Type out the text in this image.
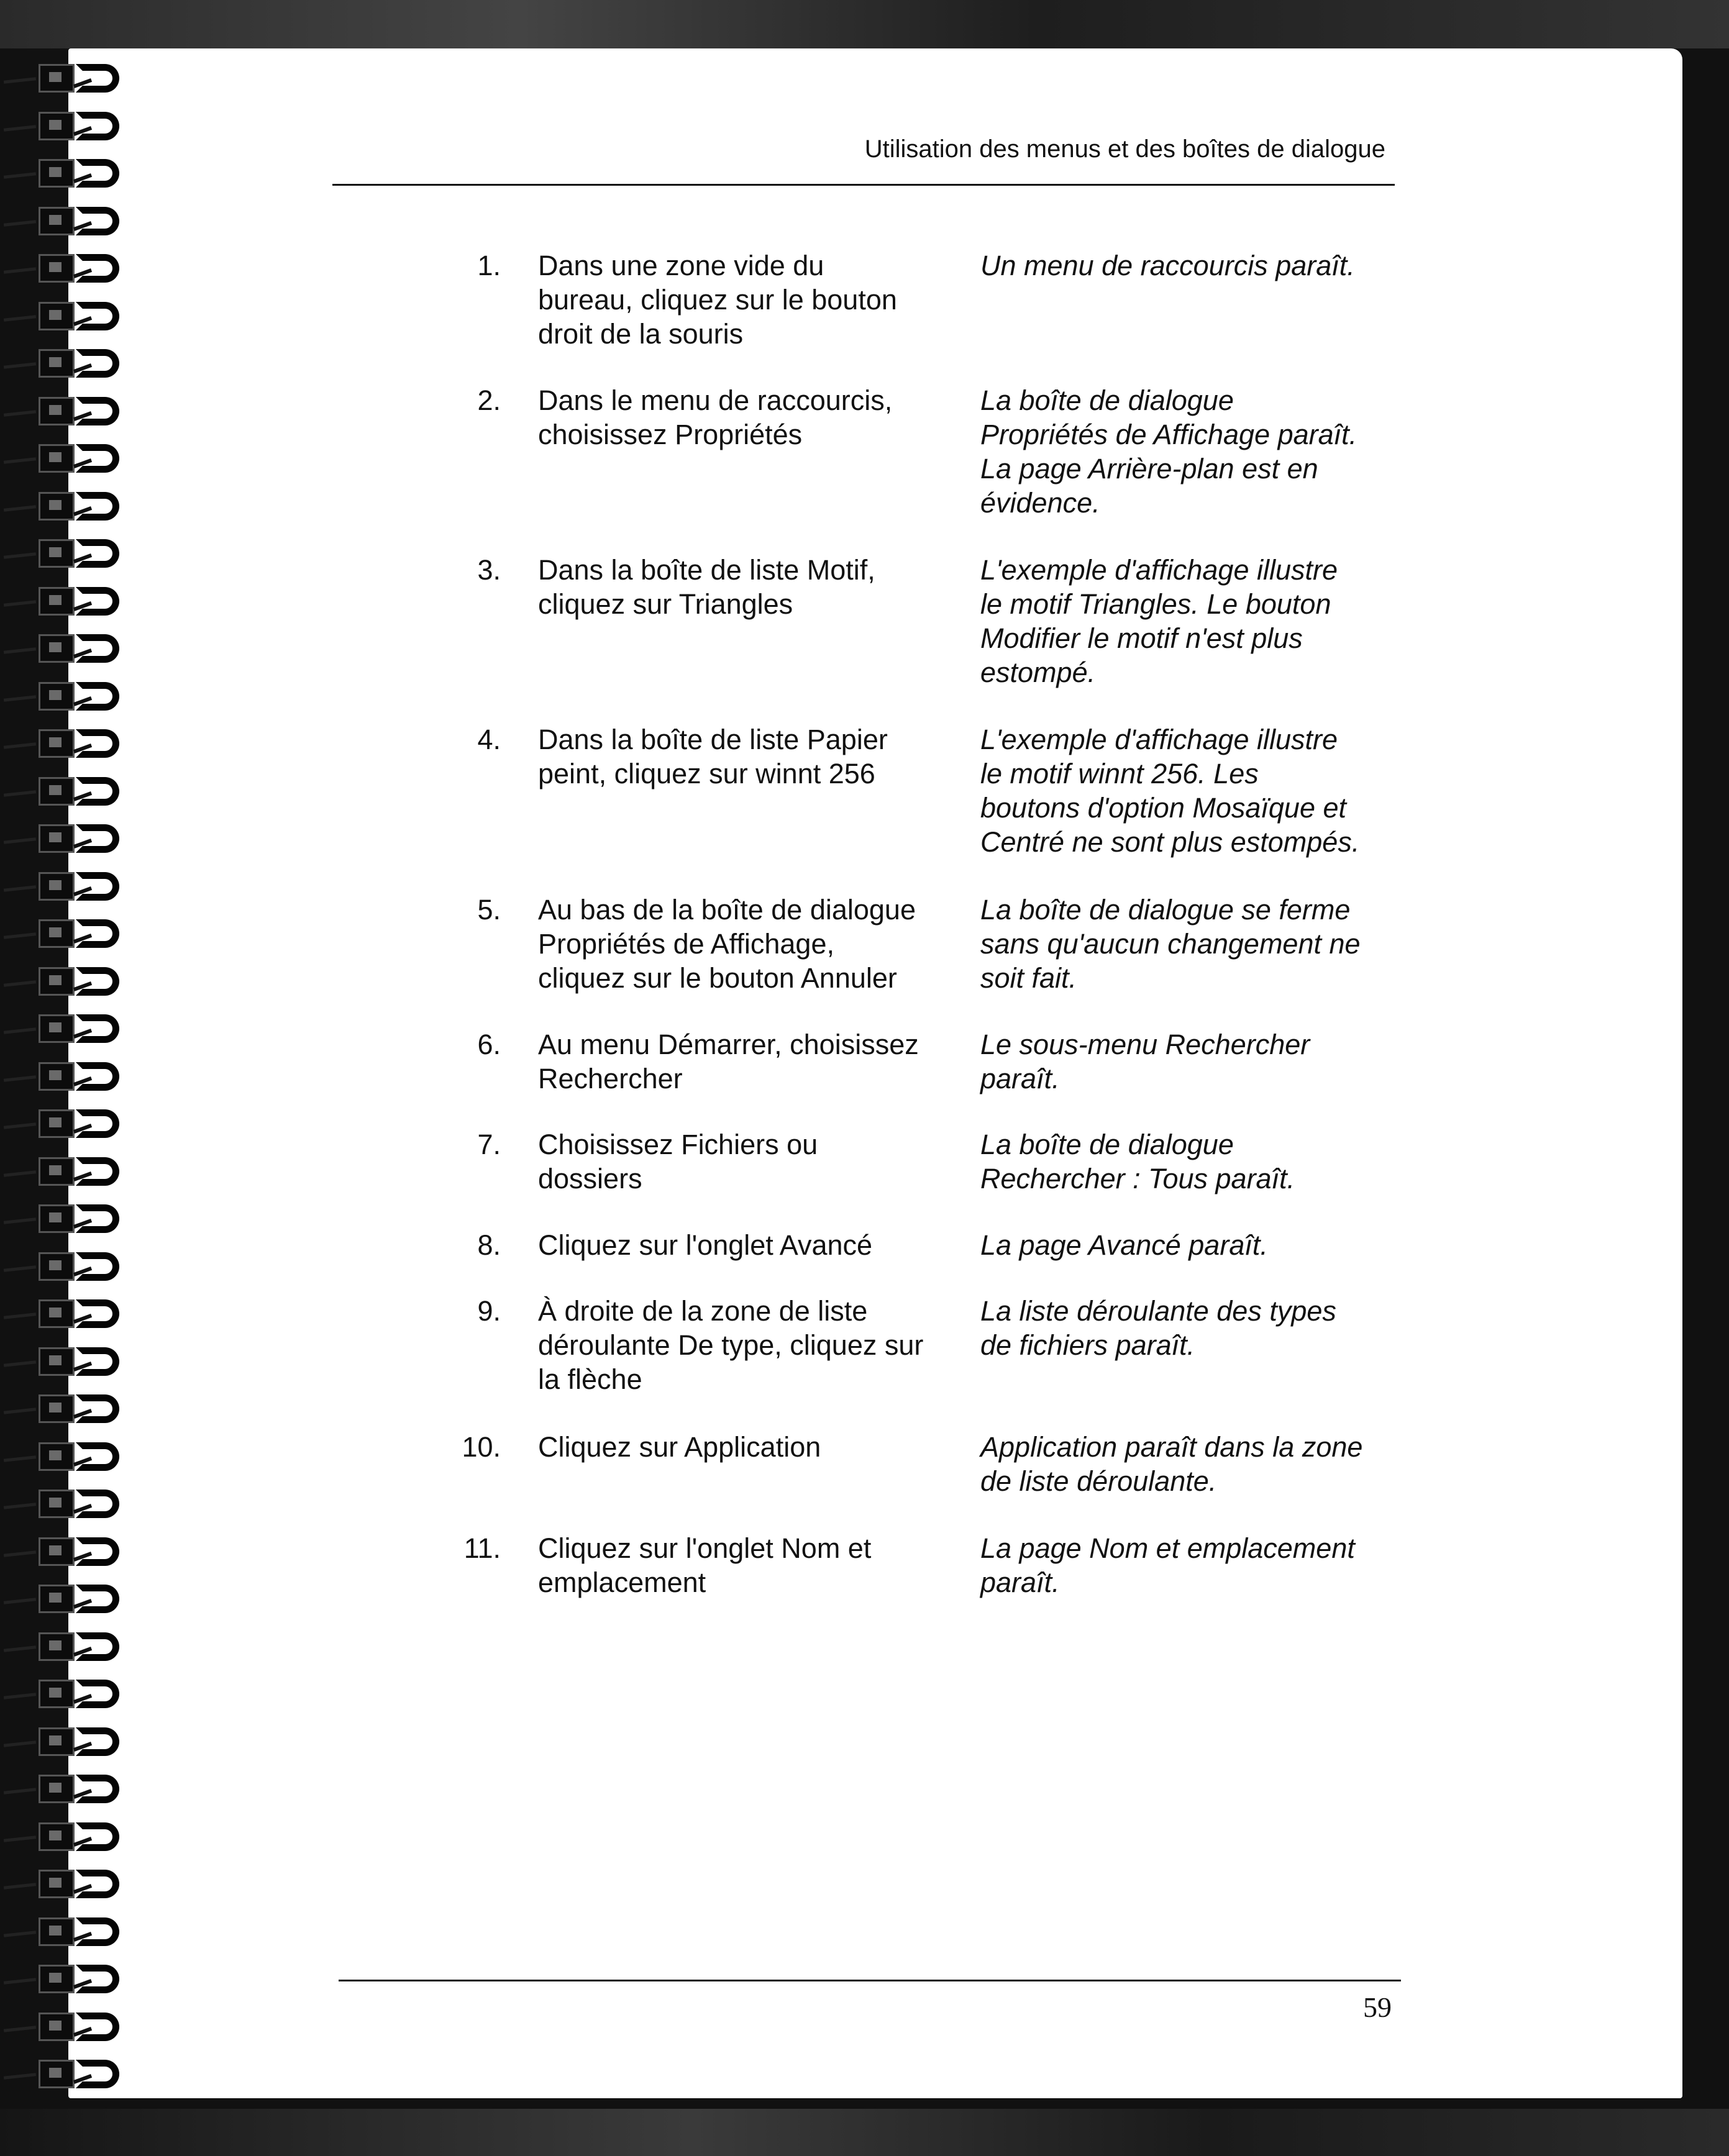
Utilisation des menus et des boîtes de dialogue
1. Dans une zone vide du
bureau, cliquez sur le bouton
droit de la souris
Un menu de raccourcis paraît.
2. Dans le menu de raccourcis,
choisissez Propriétés
La boîte de dialogue
Propriétés de Affichage paraît.
La page Arrière-plan est en
évidence.
3. Dans la boîte de liste Motif,
cliquez sur Triangles
L'exemple d'affichage illustre
le motif Triangles. Le bouton
Modifier le motif n'est plus
estompé.
4. Dans la boîte de liste Papier
peint, cliquez sur winnt 256
L'exemple d'affichage illustre
le motif winnt 256. Les
boutons d'option Mosaïque et
Centré ne sont plus estompés.
5. Au bas de la boîte de dialogue
Propriétés de Affichage,
cliquez sur le bouton Annuler
La boîte de dialogue se ferme
sans qu'aucun changement ne
soit fait.
6. Au menu Démarrer, choisissez
Rechercher
Le sous-menu Rechercher
paraît.
7. Choisissez Fichiers ou
dossiers
La boîte de dialogue
Rechercher : Tous paraît.
8. Cliquez sur l'onglet Avancé	La page Avancé paraît.
9. À droite de la zone de liste
déroulante De type, cliquez sur
la flèche
La liste déroulante des types
de fichiers paraît.
10. Cliquez sur Application	Application paraît dans la zone
de liste déroulante.
11. Cliquez sur l'onglet Nom et
emplacement
La page Nom et emplacement
paraît.
59
